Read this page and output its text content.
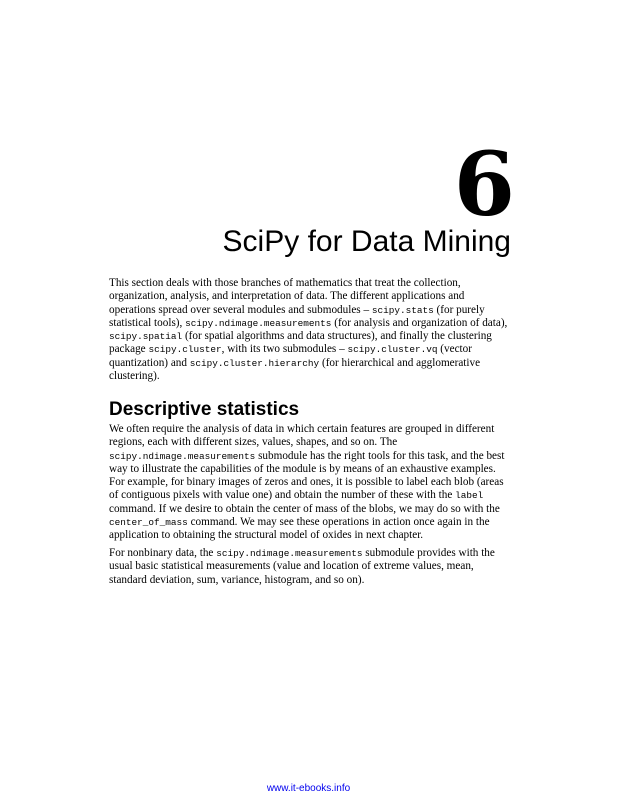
6
SciPy for Data Mining

This section deals with those branches of mathematics that treat the collection, organization, analysis, and interpretation of data. The different applications and operations spread over several modules and submodules – scipy.stats (for purely statistical tools), scipy.ndimage.measurements (for analysis and organization of data), scipy.spatial (for spatial algorithms and data structures), and finally the clustering package scipy.cluster, with its two submodules – scipy.cluster.vq (vector quantization) and scipy.cluster.hierarchy (for hierarchical and agglomerative clustering).

Descriptive statistics

We often require the analysis of data in which certain features are grouped in different regions, each with different sizes, values, shapes, and so on. The scipy.ndimage.measurements submodule has the right tools for this task, and the best way to illustrate the capabilities of the module is by means of an exhaustive examples. For example, for binary images of zeros and ones, it is possible to label each blob (areas of contiguous pixels with value one) and obtain the number of these with the label command. If we desire to obtain the center of mass of the blobs, we may do so with the center_of_mass command. We may see these operations in action once again in the application to obtaining the structural model of oxides in next chapter.

For nonbinary data, the scipy.ndimage.measurements submodule provides with the usual basic statistical measurements (value and location of extreme values, mean, standard deviation, sum, variance, histogram, and so on).

www.it-ebooks.info
